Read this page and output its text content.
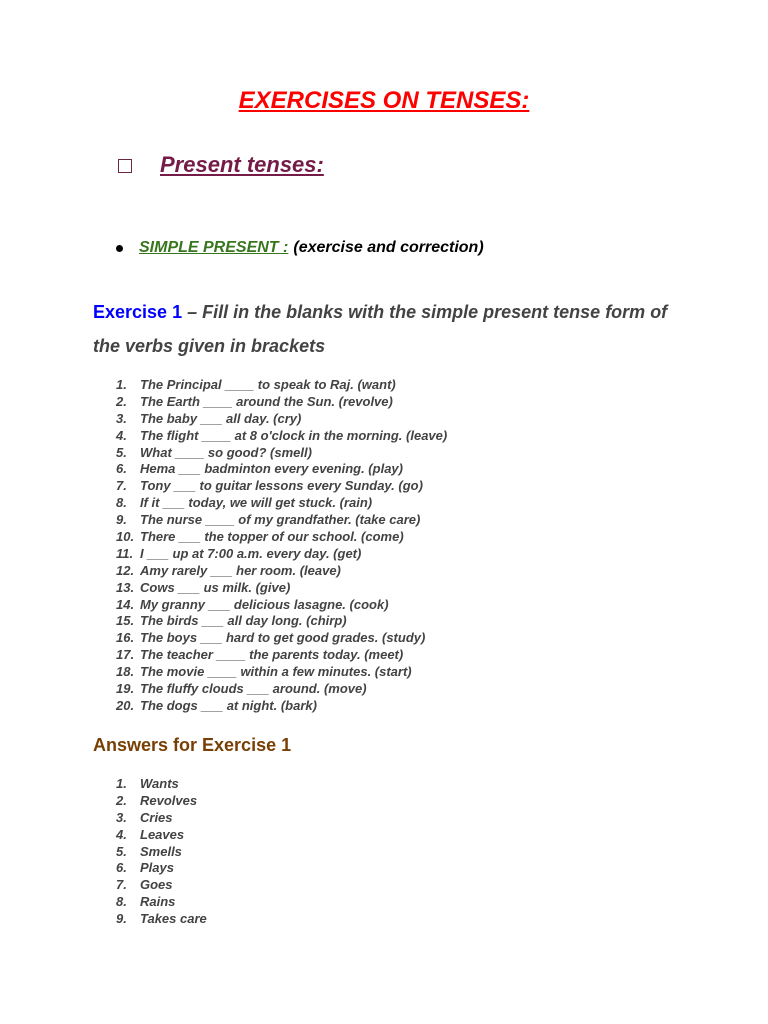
EXERCISES ON TENSES:
Present tenses:
SIMPLE PRESENT : (exercise and correction)
Exercise 1 – Fill in the blanks with the simple present tense form of the verbs given in brackets
1.	The Principal ____ to speak to Raj. (want)
2.	The Earth ____ around the Sun. (revolve)
3.	The baby ___ all day. (cry)
4.	The flight ____ at 8 o'clock in the morning. (leave)
5.	What ____ so good? (smell)
6.	Hema ___ badminton every evening. (play)
7.	Tony ___ to guitar lessons every Sunday. (go)
8.	If it ___ today, we will get stuck. (rain)
9.	The nurse ____ of my grandfather. (take care)
10. There ___ the topper of our school. (come)
11. I ___ up at 7:00 a.m. every day. (get)
12. Amy rarely ___ her room. (leave)
13. Cows ___ us milk. (give)
14. My granny ___ delicious lasagne. (cook)
15. The birds ___ all day long. (chirp)
16. The boys ___ hard to get good grades. (study)
17. The teacher ____ the parents today. (meet)
18. The movie ____ within a few minutes. (start)
19. The fluffy clouds ___ around. (move)
20. The dogs ___ at night. (bark)
Answers for Exercise 1
1.	Wants
2.	Revolves
3.	Cries
4.	Leaves
5.	Smells
6.	Plays
7.	Goes
8.	Rains
9.	Takes care
